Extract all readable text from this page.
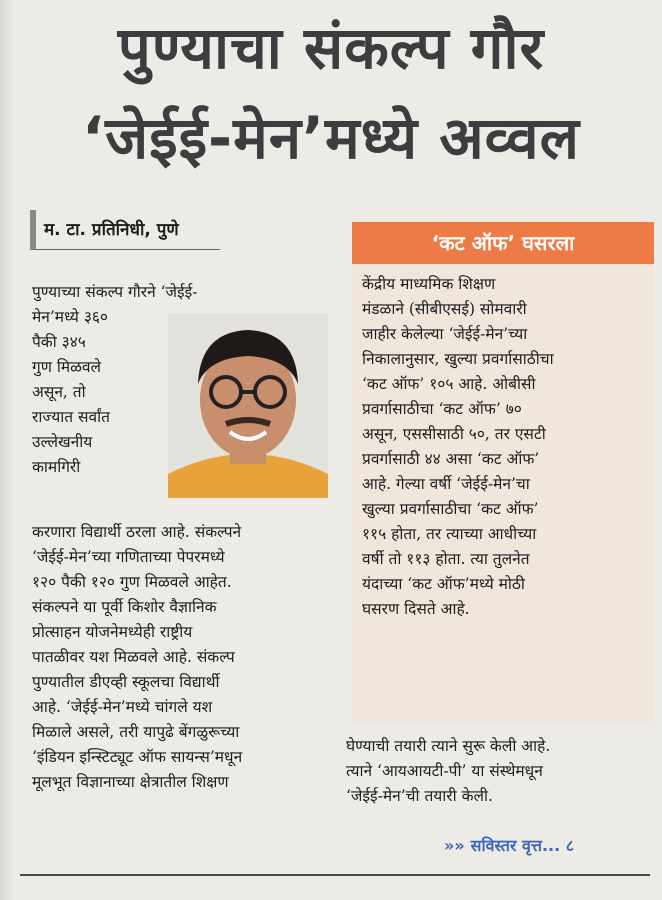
पुण्याचा संकल्प गौर
‘जेईई-मेन’मध्ये अव्वल
म. टा. प्रतिनिधी, पुणे
पुण्याच्या संकल्प गौरने ‘जेईई-
मेन’मध्ये ३६०
पैकी ३४५
गुण मिळवले
असून, तो
राज्यात सर्वांत
उल्लेखनीय
कामगिरी
करणारा विद्यार्थी ठरला आहे. संकल्पने
‘जेईई-मेन’च्या गणिताच्या पेपरमध्ये
१२० पैकी १२० गुण मिळवले आहेत.
संकल्पने या पूर्वी किशोर वैज्ञानिक
प्रोत्साहन योजनेमध्येही राष्ट्रीय
पातळीवर यश मिळवले आहे. संकल्प
पुण्यातील डीएव्ही स्कूलचा विद्यार्थी
आहे. ‘जेईई-मेन’मध्ये चांगले यश
मिळाले असले, तरी यापुढे बेंगळुरूच्या
‘इंडियन इन्स्टिट्यूट ऑफ सायन्स’मधून
मूलभूत विज्ञानाच्या क्षेत्रातील शिक्षण
‘कट ऑफ’ घसरला
केंद्रीय माध्यमिक शिक्षण
मंडळाने (सीबीएसई) सोमवारी
जाहीर केलेल्या ‘जेईई-मेन’च्या
निकालानुसार, खुल्या प्रवर्गासाठीचा
‘कट ऑफ’ १०५ आहे. ओबीसी
प्रवर्गासाठीचा ‘कट ऑफ’ ७०
असून, एससीसाठी ५०, तर एसटी
प्रवर्गासाठी ४४ असा ‘कट ऑफ’
आहे. गेल्या वर्षी ‘जेईई-मेन’चा
खुल्या प्रवर्गासाठीचा ‘कट ऑफ’
११५ होता, तर त्याच्या आधीच्या
वर्षी तो ११३ होता. त्या तुलनेत
यंदाच्या ‘कट ऑफ’मध्ये मोठी
घसरण दिसते आहे.
घेण्याची तयारी त्याने सुरू केली आहे.
त्याने ‘आयआयटी-पी’ या संस्थेमधून
‘जेईई-मेन’ची तयारी केली.
»» सविस्तर वृत्त... ८
